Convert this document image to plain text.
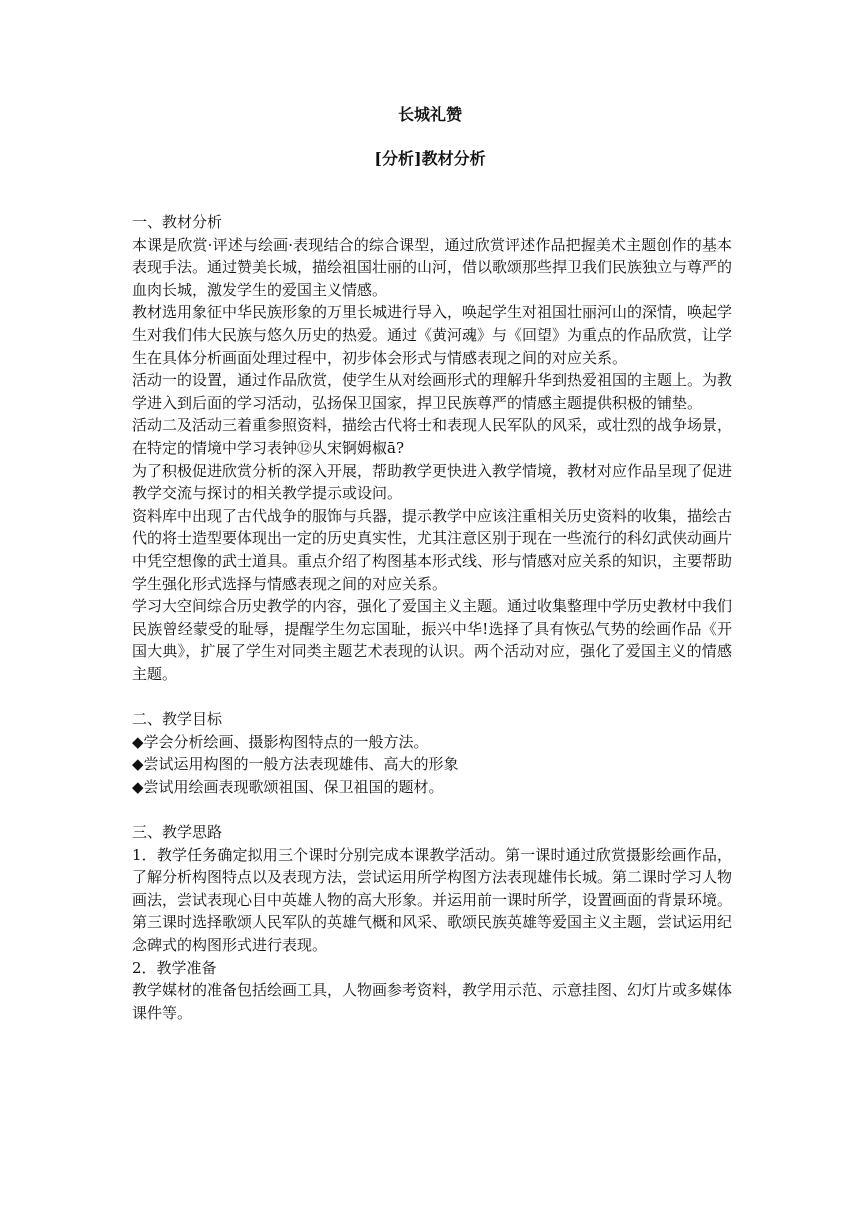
长城礼赞
[分析]教材分析

一、教材分析

本课是欣赏·评述与绘画·表现结合的综合课型，通过欣赏评述作品把握美术主题创作的基本表现手法。通过赞美长城，描绘祖国壮丽的山河，借以歌颂那些捍卫我们民族独立与尊严的血肉长城，激发学生的爱国主义情感。

教材选用象征中华民族形象的万里长城进行导入，唤起学生对祖国壮丽河山的深情，唤起学生对我们伟大民族与悠久历史的热爱。通过《黄河魂》与《回望》为重点的作品欣赏，让学生在具体分析画面处理过程中，初步体会形式与情感表现之间的对应关系。

活动一的设置，通过作品欣赏，使学生从对绘画形式的理解升华到热爱祖国的主题上。为教学进入到后面的学习活动，弘扬保卫国家，捍卫民族尊严的情感主题提供积极的铺垫。

活动二及活动三着重参照资料，描绘古代将士和表现人民军队的风采，或壮烈的战争场景，在特定的情境中学习表钟⑫乆宋锕姆椒ā?

为了积极促进欣赏分析的深入开展，帮助教学更快进入教学情境，教材对应作品呈现了促进教学交流与探讨的相关教学提示或设问。

资料库中出现了古代战争的服饰与兵器，提示教学中应该注重相关历史资料的收集，描绘古代的将士造型要体现出一定的历史真实性，尤其注意区别于现在一些流行的科幻武侠动画片中凭空想像的武士道具。重点介绍了构图基本形式线、形与情感对应关系的知识，主要帮助学生强化形式选择与情感表现之间的对应关系。

学习大空间综合历史教学的内容，强化了爱国主义主题。通过收集整理中学历史教材中我们民族曾经蒙受的耻辱，提醒学生勿忘国耻，振兴中华!选择了具有恢弘气势的绘画作品《开国大典》，扩展了学生对同类主题艺术表现的认识。两个活动对应，强化了爱国主义的情感主题。

二、教学目标

◆学会分析绘画、摄影构图特点的一般方法。

◆尝试运用构图的一般方法表现雄伟、高大的形象

◆尝试用绘画表现歌颂祖国、保卫祖国的题材。

三、教学思路

1．教学任务确定拟用三个课时分别完成本课教学活动。第一课时通过欣赏摄影绘画作品，了解分析构图特点以及表现方法，尝试运用所学构图方法表现雄伟长城。第二课时学习人物画法，尝试表现心目中英雄人物的高大形象。并运用前一课时所学，设置画面的背景环境。第三课时选择歌颂人民军队的英雄气概和风采、歌颂民族英雄等爱国主义主题，尝试运用纪念碑式的构图形式进行表现。

2．教学准备

教学媒材的准备包括绘画工具，人物画参考资料，教学用示范、示意挂图、幻灯片或多媒体课件等。
